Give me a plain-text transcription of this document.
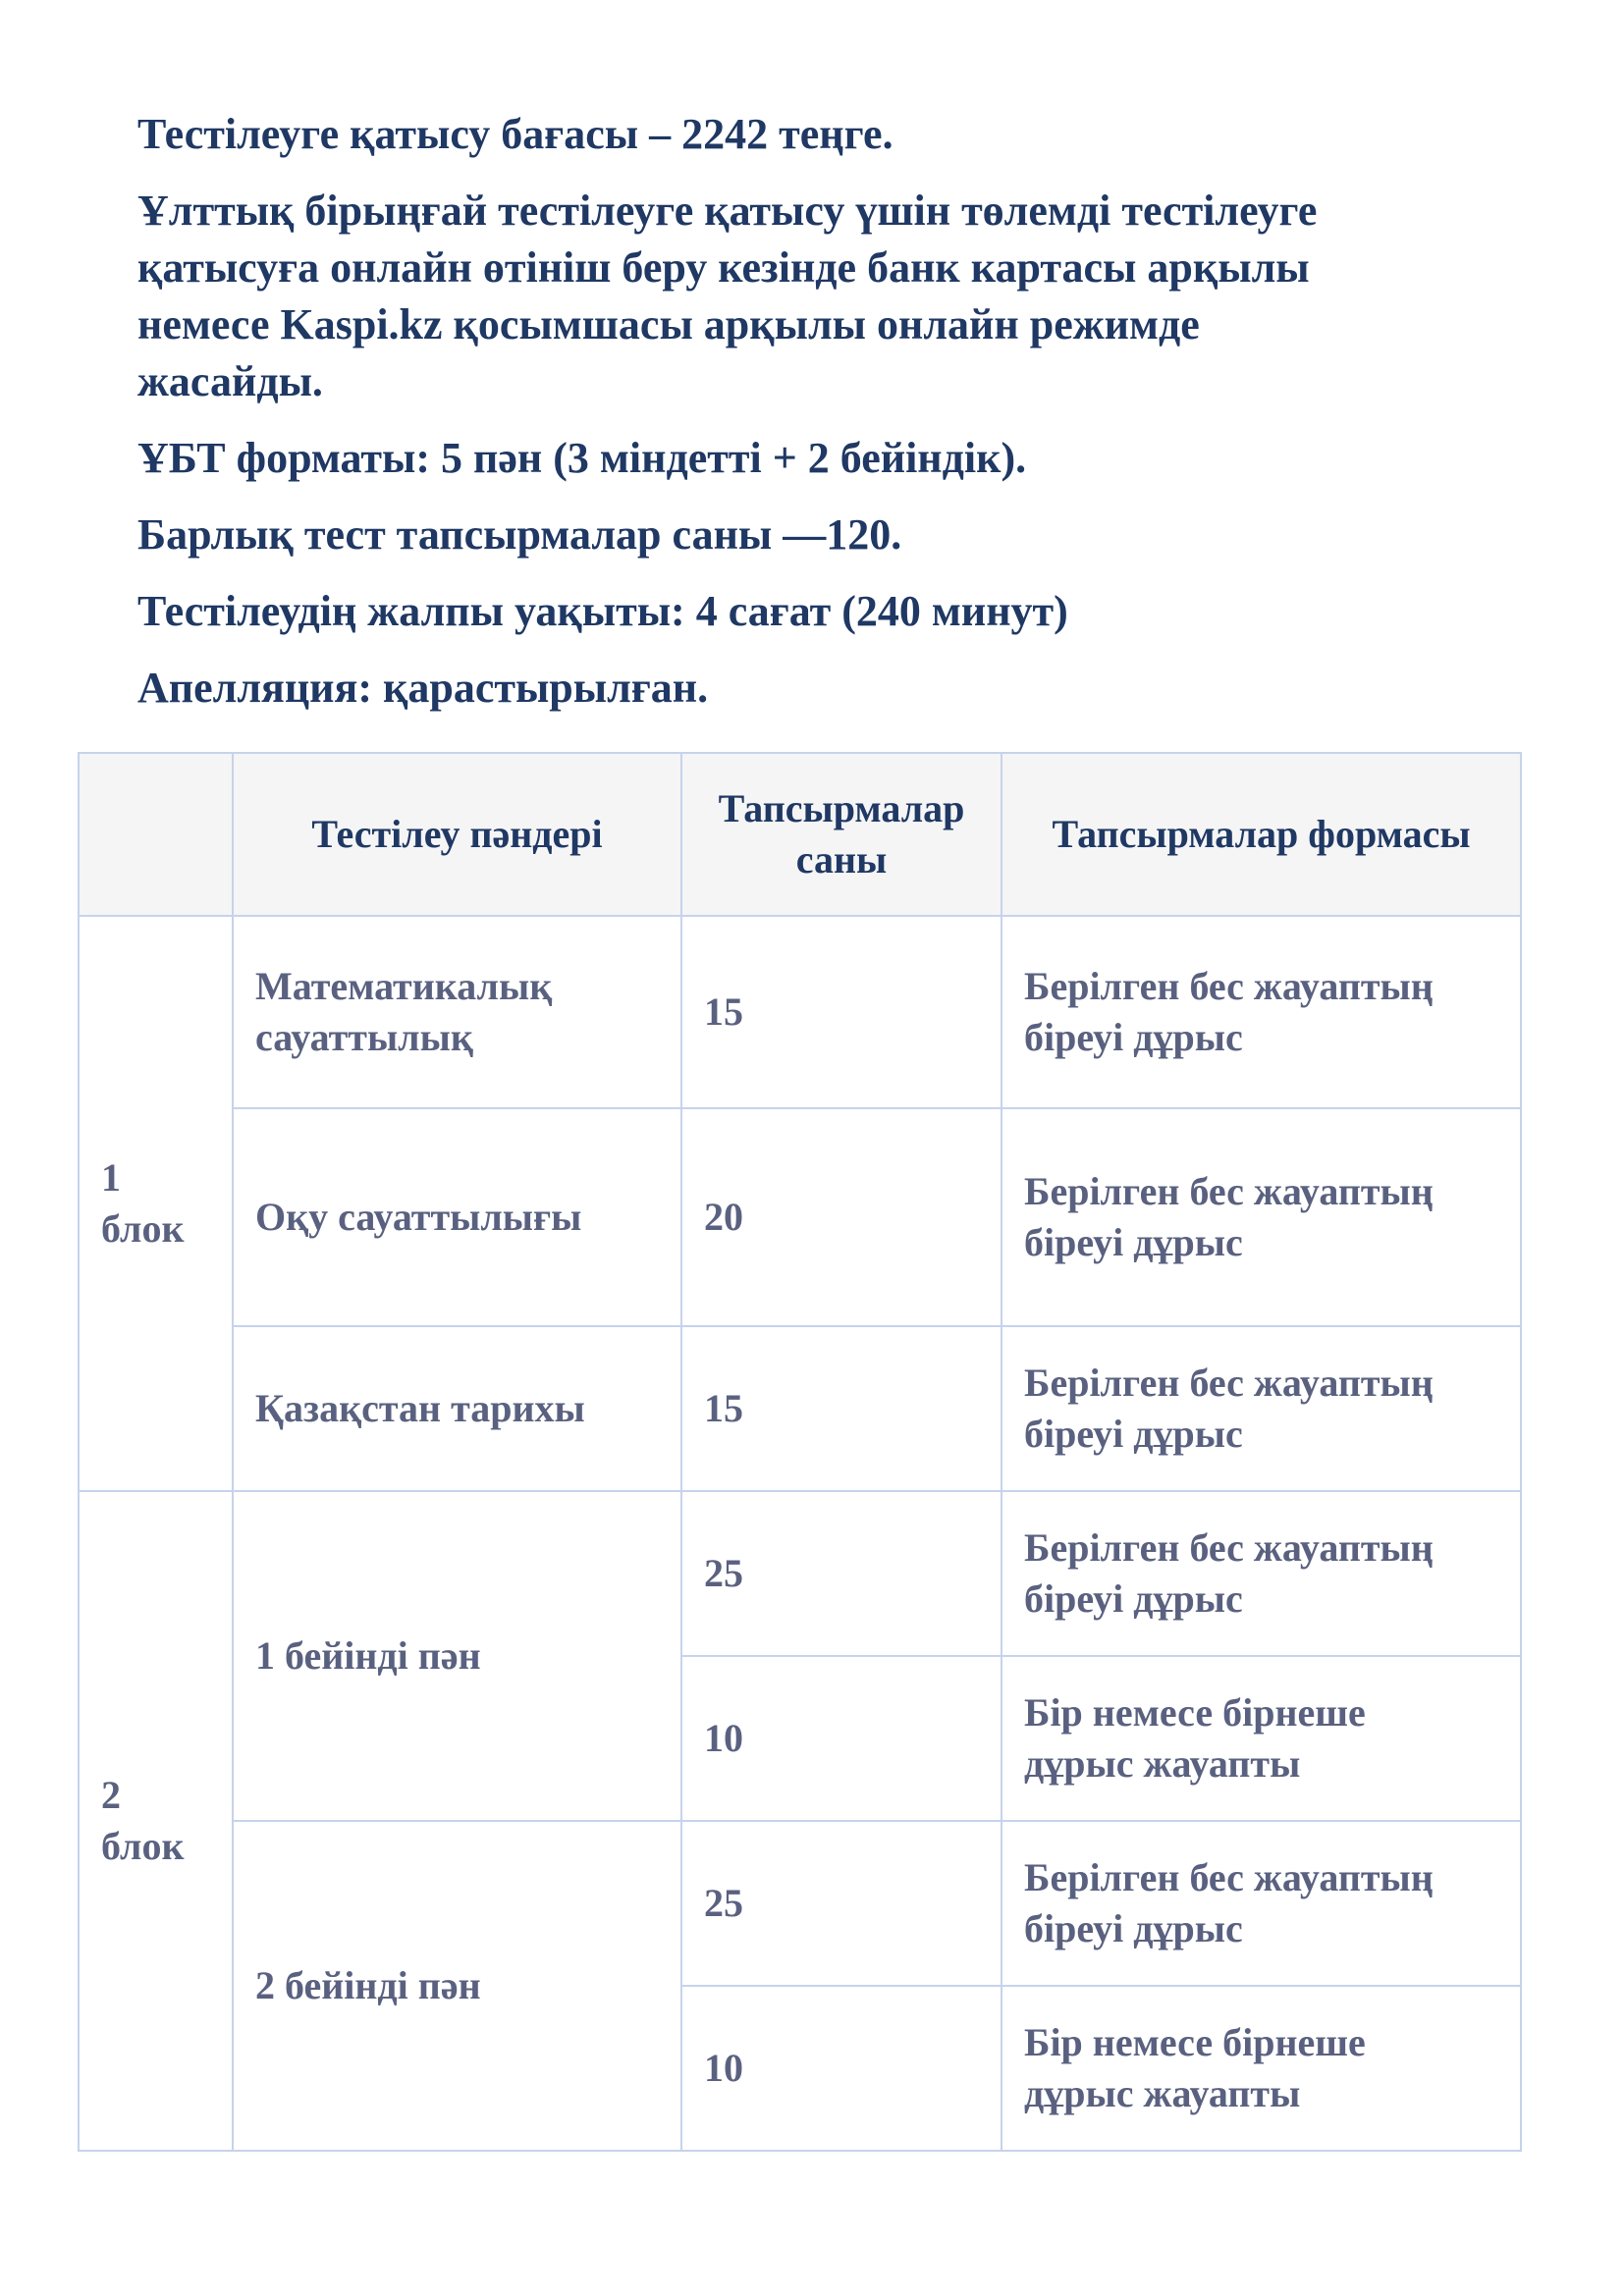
Тестілеуге қатысу бағасы – 2242 теңге.

Ұлттық бірыңғай тестілеуге қатысу үшін төлемді тестілеуге
қатысуға онлайн өтініш беру кезінде банк картасы арқылы
немесе Kaspi.kz қосымшасы арқылы онлайн режимде
жасайды.

ҰБТ форматы: 5 пән (3 міндетті + 2 бейіндік).

Барлық тест тапсырмалар саны —120.

Тестілеудің жалпы уақыты: 4 сағат (240 минут)

Апелляция: қарастырылған.

	Тестілеу пәндері	Тапсырмалар
саны	Тапсырмалар формасы
1
блок	Математикалық
сауаттылық	15	Берілген бес жауаптың
біреуі дұрыс
	Оқу сауаттылығы	20	Берілген бес жауаптың
біреуі дұрыс
	Қазақстан тарихы	15	Берілген бес жауаптың
біреуі дұрыс
2
блок	1 бейінді пән	25	Берілген бес жауаптың
біреуі дұрыс
		10	Бір немесе бірнеше
дұрыс жауапты
	2 бейінді пән	25	Берілген бес жауаптың
біреуі дұрыс
		10	Бір немесе бірнеше
дұрыс жауапты
